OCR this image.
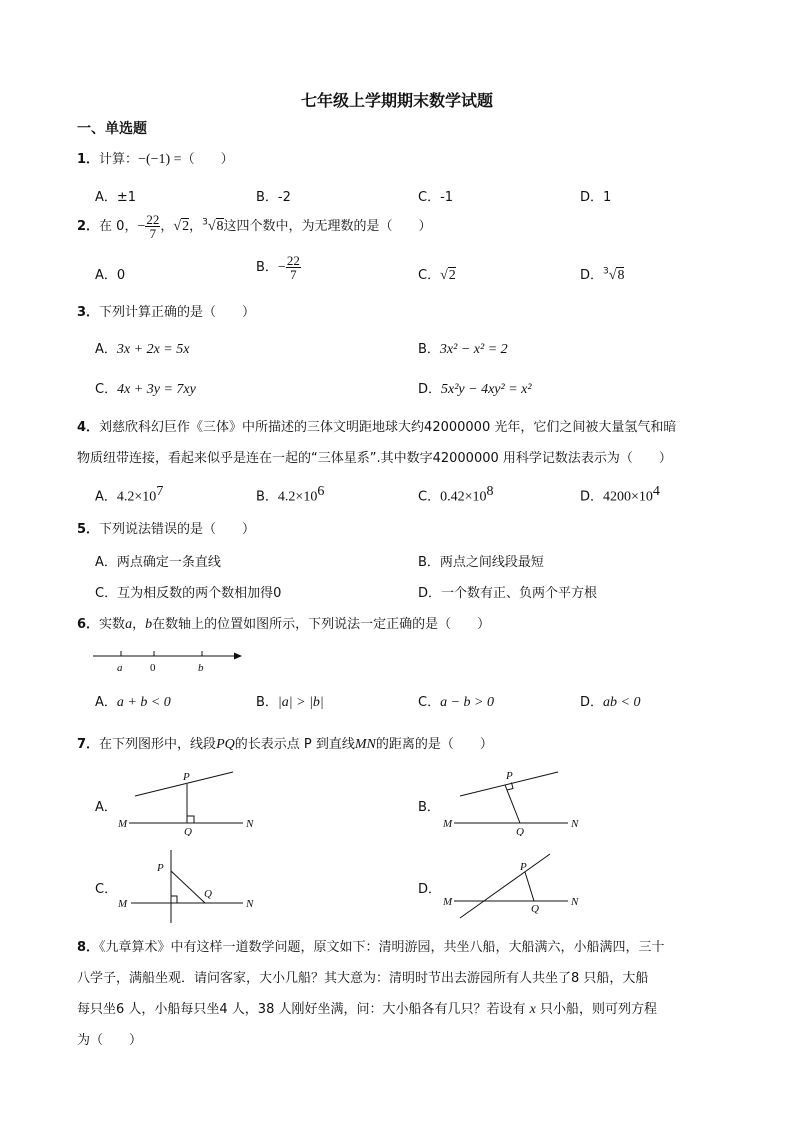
七年级上学期期末数学试题
一、单选题
1．计算：−(−1) =（　　）
A．±1	B．-2	C．-1	D．1
2．在 0，− $\frac{22}{7}$ ，√2，$^3$√8这四个数中，为无理数的是（　　）
A．0
B．− $\frac{22}{7}$	C．√2	D．$^3$√8
3．下列计算正确的是（　　）
A．3x + 2x = 5x	B．3x² − x² = 2
C．4x + 3y = 7xy	D．5x²y − 4xy² = x²
4．刘慈欣科幻巨作《三体》中所描述的三体文明距地球大约42000000 光年，它们之间被大量氢气和暗
物质纽带连接，看起来似乎是连在一起的“三体星系”.其中数字42000000 用科学记数法表示为（　　）
A．$4.2\times 10^7$	B．$4.2\times 10^6$	C．$0.42\times 10^8$	D．$4200\times 10^4$
5．下列说法错误的是（　　）
A．两点确定一条直线	B．两点之间线段最短
C．互为相反数的两个数相加得0	D．一个数有正、负两个平方根
6．实数a，b在数轴上的位置如图所示，下列说法一定正确的是（　　）
a	0	b
A．a + b < 0	B．|a| > |b|	C．a − b > 0	D．ab < 0
7．在下列图形中，线段PQ的长表示点 P 到直线MN的距离的是（　　）
A．
P
Q
M	N
B．
P
Q
M	N
C．
P
Q
M	N
D．
P
Q
M	N
8．《九章算术》中有这样一道数学问题，原文如下：清明游园，共坐八船，大船满六，小船满四，三十
八学子，满船坐观．请问客家，大小几船？其大意为：清明时节出去游园所有人共坐了8 只船，大船
每只坐6 人，小船每只坐4 人，38 人刚好坐满，问：大小船各有几只？若设有 x 只小船，则可列方程
为（　　）
